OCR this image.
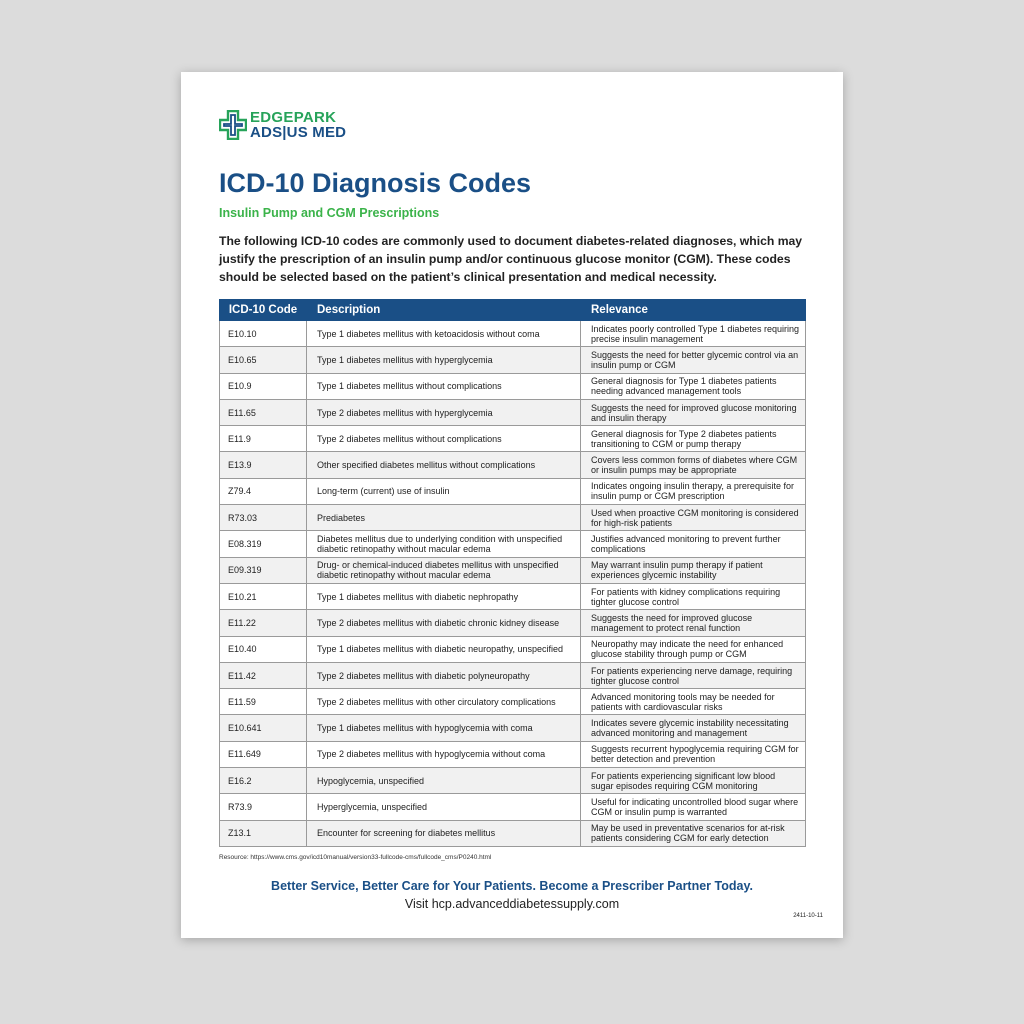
EDGEPARK
ADS|US MED
ICD-10 Diagnosis Codes
Insulin Pump and CGM Prescriptions
The following ICD-10 codes are commonly used to document diabetes-related diagnoses, which may justify the prescription of an insulin pump and/or continuous glucose monitor (CGM). These codes should be selected based on the patient’s clinical presentation and medical necessity.
ICD-10 Code	Description	Relevance
E10.10	Type 1 diabetes mellitus with ketoacidosis without coma	Indicates poorly controlled Type 1 diabetes requiring precise insulin management
E10.65	Type 1 diabetes mellitus with hyperglycemia	Suggests the need for better glycemic control via an insulin pump or CGM
E10.9	Type 1 diabetes mellitus without complications	General diagnosis for Type 1 diabetes patients needing advanced management tools
E11.65	Type 2 diabetes mellitus with hyperglycemia	Suggests the need for improved glucose monitoring and insulin therapy
E11.9	Type 2 diabetes mellitus without complications	General diagnosis for Type 2 diabetes patients transitioning to CGM or pump therapy
E13.9	Other specified diabetes mellitus without complications	Covers less common forms of diabetes where CGM or insulin pumps may be appropriate
Z79.4	Long-term (current) use of insulin	Indicates ongoing insulin therapy, a prerequisite for insulin pump or CGM prescription
R73.03	Prediabetes	Used when proactive CGM monitoring is considered for high-risk patients
E08.319	Diabetes mellitus due to underlying condition with unspecified diabetic retinopathy without macular edema	Justifies advanced monitoring to prevent further complications
E09.319	Drug- or chemical-induced diabetes mellitus with unspecified diabetic retinopathy without macular edema	May warrant insulin pump therapy if patient experiences glycemic instability
E10.21	Type 1 diabetes mellitus with diabetic nephropathy	For patients with kidney complications requiring tighter glucose control
E11.22	Type 2 diabetes mellitus with diabetic chronic kidney disease	Suggests the need for improved glucose management to protect renal function
E10.40	Type 1 diabetes mellitus with diabetic neuropathy, unspecified	Neuropathy may indicate the need for enhanced glucose stability through pump or CGM
E11.42	Type 2 diabetes mellitus with diabetic polyneuropathy	For patients experiencing nerve damage, requiring tighter glucose control
E11.59	Type 2 diabetes mellitus with other circulatory complications	Advanced monitoring tools may be needed for patients with cardiovascular risks
E10.641	Type 1 diabetes mellitus with hypoglycemia with coma	Indicates severe glycemic instability necessitating advanced monitoring and management
E11.649	Type 2 diabetes mellitus with hypoglycemia without coma	Suggests recurrent hypoglycemia requiring CGM for better detection and prevention
E16.2	Hypoglycemia, unspecified	For patients experiencing significant low blood sugar episodes requiring CGM monitoring
R73.9	Hyperglycemia, unspecified	Useful for indicating uncontrolled blood sugar where CGM or insulin pump is warranted
Z13.1	Encounter for screening for diabetes mellitus	May be used in preventative scenarios for at-risk patients considering CGM for early detection
Resource: https://www.cms.gov/icd10manual/version33-fullcode-cms/fullcode_cms/P0240.html
Better Service, Better Care for Your Patients. Become a Prescriber Partner Today.
Visit hcp.advanceddiabetessupply.com
2411-10-11
